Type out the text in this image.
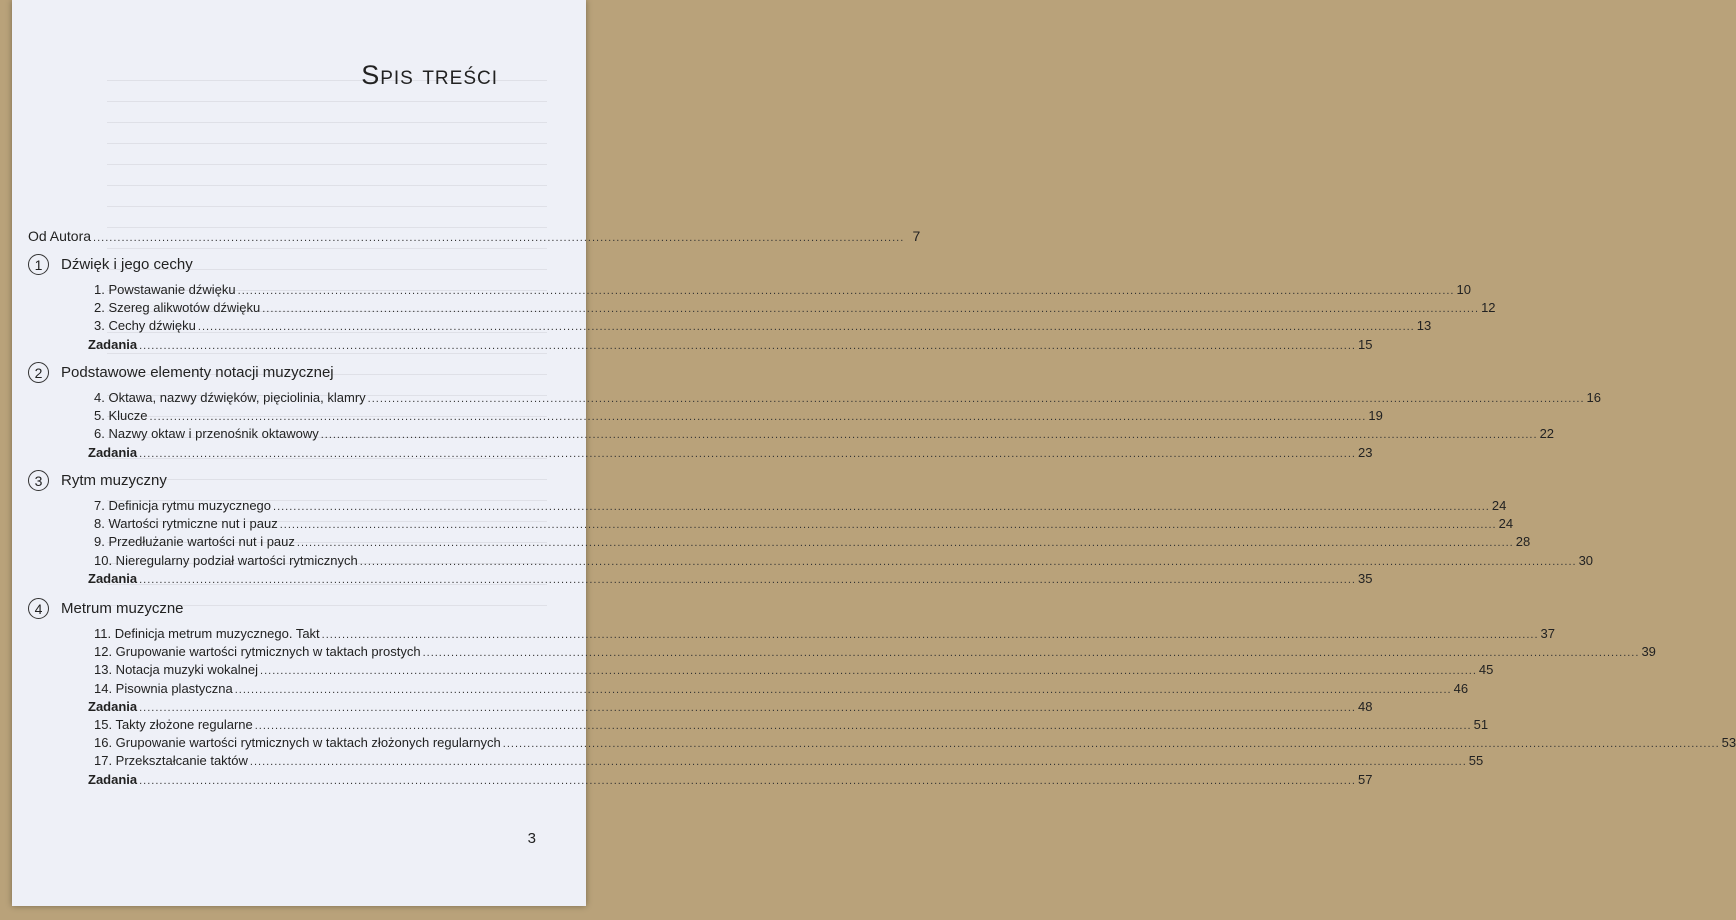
Spis treści
Od Autora ........................................................................................................................................................................................................ 7
1	Dźwięk i jego cechy
1. Powstawanie dźwięku ............................................................................................................................................................................................................................................................................................................ 10
2. Szereg alikwotów dźwięku ............................................................................................................................................................................................................................................................................................................ 12
3. Cechy dźwięku ............................................................................................................................................................................................................................................................................................................ 13
Zadania ............................................................................................................................................................................................................................................................................................................ 15
2	Podstawowe elementy notacji muzycznej
4. Oktawa, nazwy dźwięków, pięciolinia, klamry ............................................................................................................................................................................................................................................................................................................ 16
5. Klucze ............................................................................................................................................................................................................................................................................................................ 19
6. Nazwy oktaw i przenośnik oktawowy ............................................................................................................................................................................................................................................................................................................ 22
Zadania ............................................................................................................................................................................................................................................................................................................ 23
3	Rytm muzyczny
7. Definicja rytmu muzycznego ............................................................................................................................................................................................................................................................................................................ 24
8. Wartości rytmiczne nut i pauz ............................................................................................................................................................................................................................................................................................................ 24
9. Przedłużanie wartości nut i pauz ............................................................................................................................................................................................................................................................................................................ 28
10. Nieregularny podział wartości rytmicznych ............................................................................................................................................................................................................................................................................................................ 30
Zadania ............................................................................................................................................................................................................................................................................................................ 35
4	Metrum muzyczne
11. Definicja metrum muzycznego. Takt ............................................................................................................................................................................................................................................................................................................ 37
12. Grupowanie wartości rytmicznych w taktach prostych ............................................................................................................................................................................................................................................................................................................ 39
13. Notacja muzyki wokalnej ............................................................................................................................................................................................................................................................................................................ 45
14. Pisownia plastyczna ............................................................................................................................................................................................................................................................................................................ 46
Zadania ............................................................................................................................................................................................................................................................................................................ 48
15. Takty złożone regularne ............................................................................................................................................................................................................................................................................................................ 51
16. Grupowanie wartości rytmicznych w taktach złożonych regularnych ............................................................................................................................................................................................................................................................................................................ 53
17. Przekształcanie taktów ............................................................................................................................................................................................................................................................................................................ 55
Zadania ............................................................................................................................................................................................................................................................................................................ 57
3
